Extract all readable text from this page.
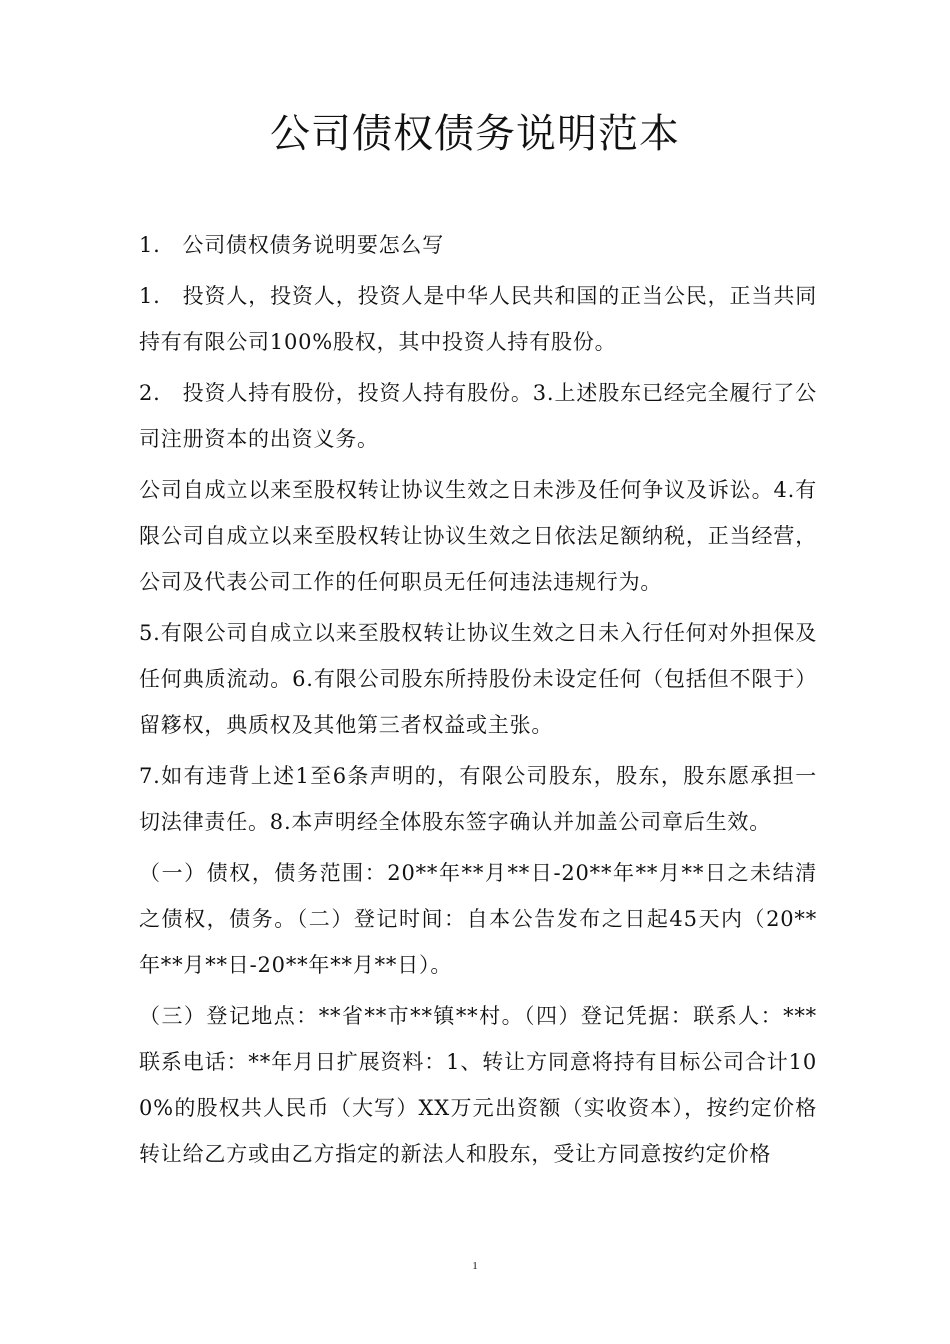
公司债权债务说明范本

1.　公司债权债务说明要怎么写

1.　投资人，投资人，投资人是中华人民共和国的正当公民，正当共同持有有限公司100%股权，其中投资人持有股份。

2.　投资人持有股份，投资人持有股份。3.上述股东已经完全履行了公司注册资本的出资义务。

公司自成立以来至股权转让协议生效之日未涉及任何争议及诉讼。4.有限公司自成立以来至股权转让协议生效之日依法足额纳税，正当经营，公司及代表公司工作的任何职员无任何违法违规行为。

5.有限公司自成立以来至股权转让协议生效之日未入行任何对外担保及任何典质流动。6.有限公司股东所持股份未设定任何（包括但不限于）留簃权，典质权及其他第三者权益或主张。

7.如有违背上述1至6条声明的，有限公司股东，股东，股东愿承担一切法律责任。8.本声明经全体股东签字确认并加盖公司章后生效。

（一）债权，债务范围：20**年**月**日-20**年**月**日之未结清之债权，债务。（二）登记时间：自本公告发布之日起45天内（20**年**月**日-20**年**月**日）。

（三）登记地点：**省**市**镇**村。（四）登记凭据：联系人：***联系电话：**年月日扩展资料：1、转让方同意将持有目标公司合计100%的股权共人民币（大写）XX万元出资额（实收资本），按约定价格转让给乙方或由乙方指定的新法人和股东，受让方同意按约定价格

1
